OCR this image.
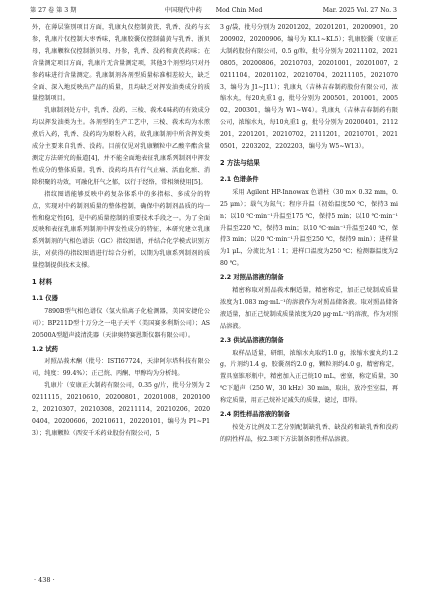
第 27 卷 第 3 期	中国现代中药 Mod Chin Med	Mar. 2025 Vol. 27 No. 3

外，在薄层鉴别项目方面，乳康丸仅控制黄芪、乳香、没药与玄参，乳康片仅控制大枣香味，乳康胶囊仅控制蒲黄与乳香、浙贝母，乳康颗粒仅控制浙贝母、丹参，乳香、没药和黄芪药味；在含量测定项目方面，乳康片无含量测定项，其他3个剂型均只对丹参药味进行含量测定。乳康制剂各剂型质量标准相差较大，缺乏全面、深入地反映出产品的质量，且均缺乏对挥发油类成分的质量控制项目。

乳康制剂处方中，乳香、没药、三棱、莪术4味药的有效成分均以挥发油类为主。各剂型的生产工艺中，三棱、莪术均为水煎煮后入药，乳香、没药均为原粉入药，故乳康制剂中所含挥发类成分主要来自乳香、没药。目前仅见对乳康颗粒中乙酸辛酯含量测定方法研究的报道[4]，并不能全面地表征乳康系列制剂中挥发性成分的整体质量。乳香、没药均具有行气止痛、活血化瘀、消除积聚的功效，可融化肝气之郁，以行于经络，常相须使用[5]。

指纹图谱能够反映中药复杂体系中的多指标、多成分的特点，实现对中药制剂质量的整体控制，确保中药制剂品质的均一性和稳定性[6]，是中药质量控制的重要技术手段之一。为了全面反映和表征乳康系列制剂中挥发性成分的特征，本研究建立乳康系列制剂的气相色谱法（GC）指纹图谱，并结合化学模式识别方法，对获得的指纹图谱进行综合分析，以期为乳康系列制剂的质量控制提供技术支撑。

1 材料
1.1 仪器

7890B型气相色谱仪（氢火焰离子化检测器，美国安捷伦公司）；BP211D型十万分之一电子天平（美国赛多利斯公司）；AS20500A型超声波清洗器（天津奥特赛恩斯仪器有限公司）。

1.2 试药

对照品莪术酮（批号：ISTI67724，天津阿尔塔科技有限公司，纯度：99.4%）；正己烷、丙酮、甲醇均为分析纯。

乳康片（安康正大制药有限公司，0.35 g/片，批号分别为 20211115，20210610，20200801，20201008，20201002，20210307，20210308，20211114，20210206，20200404，20200606，20210611，20220101，编号为 P1~P13）；乳康颗粒（西安千禾药业股份有限公司，5

3 g/袋，批号分别为 20201202，20201201，20200901，20200902，20200906，编号为 KL1~KL5）；乳康胶囊（安康正大制药股份有限公司，0.5 g/粒，批号分别为 20211102，20210805，20200806，20210703，20201001，20201007，20211104，20201102，20210704，20211105，20210703，编号为 J1~J11）；乳康丸（吉林吉春制药股份有限公司，浓缩水丸，每20丸重1 g，批号分别为 200501，201001，200502，200301，编号为 W1~W4）。乳康丸（吉林吉春制药有限公司，浓缩水丸，每10丸重1 g，批号分别为 20200401，2112201，2201201，20210702，2111201，20210701，20210501，2203202，2202203，编号为 W5~W13）。

2 方法与结果
2.1 色谱条件

采用 Agilent HP-Innowax 色谱柱（30 m× 0.32 mm，0.25 μm）；载气为氮气；程序升温（初始温度50 ℃，保持3 min；以10 ℃·min⁻¹升温至175 ℃，保持5 min；以10 ℃·min⁻¹升温至220 ℃，保持3 min；以10 ℃·min⁻¹升温至240 ℃，保持3 min；以20 ℃·min⁻¹升温至250 ℃，保持9 min）；进样量为1 μL，分流比为1∶1；进样口温度为250 ℃；检测器温度为280 ℃。

2.2 对照品溶液的制备

精密称取对照品莪术酮适量，精密称定，加正己烷制成质量浓度为1.083 mg·mL⁻¹的溶液作为对照品储备液。取对照品储备液适量，加正己烷制成质量浓度为20 μg·mL⁻¹的溶液，作为对照品溶液。

2.3 供试品溶液的制备

取样品适量，研细，浓缩水丸取约1.0 g，浓缩水蜜丸约1.2 g，片剂约1.4 g，胶囊剂约2.0 g，颗粒剂约4.0 g，精密称定，置具塞锥形瓶中，精密加入正己烷10 mL，密塞，称定质量，30 ℃下超声（250 W，30 kHz）30 min，取出，放冷至室温，再称定质量，用正己烷补足减失的质量，滤过，即得。

2.4 阴性样品溶液的制备

按处方比例及工艺分别配制缺乳香、缺没药和缺乳香和没药的阴性样品，按2.3项下方法制备阴性样品溶液。

· 438 ·
